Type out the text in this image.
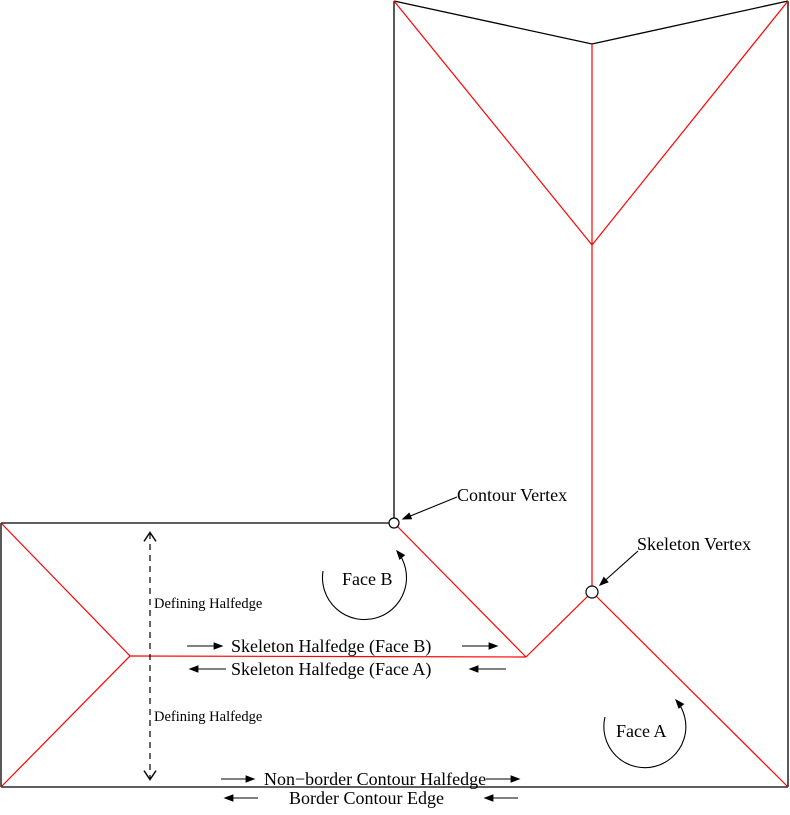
Contour Vertex
Skeleton Vertex
Face B
Face A
Defining Halfedge
Defining Halfedge
Skeleton Halfedge (Face B)
Skeleton Halfedge (Face A)
Non−border Contour Halfedge
Border Contour Edge
